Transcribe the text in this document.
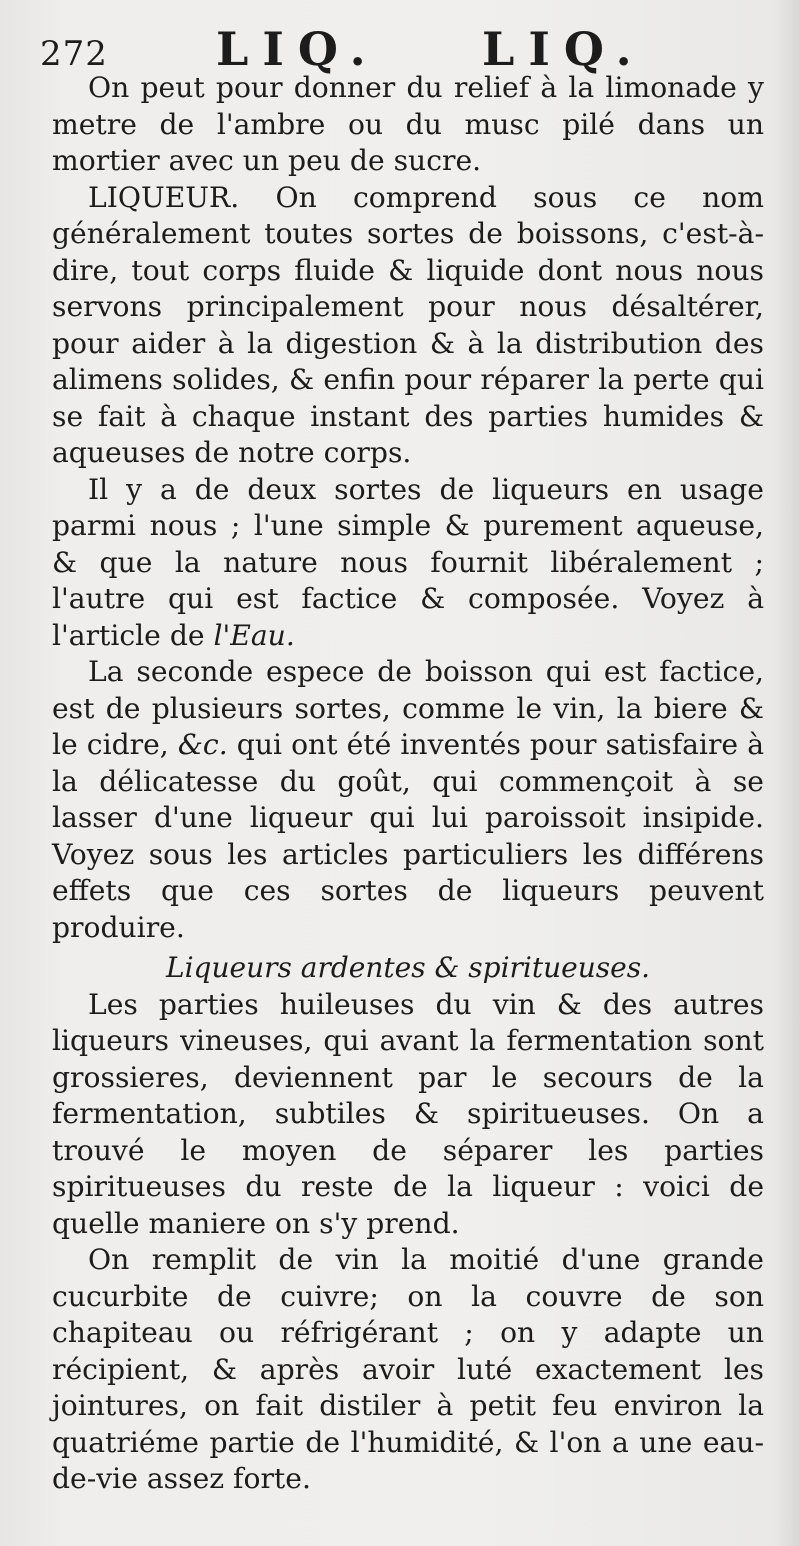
272 LIQ. LIQ.

On peut pour donner du relief à la limonade y metre de l'ambre ou du musc pilé dans un mortier avec un peu de sucre.

LIQUEUR. On comprend sous ce nom généralement toutes sortes de boissons, c'est-à-dire, tout corps fluide & liquide dont nous nous servons principalement pour nous désaltérer, pour aider à la digestion & à la distribution des alimens solides, & enfin pour réparer la perte qui se fait à chaque instant des parties humides & aqueuses de notre corps.

Il y a de deux sortes de liqueurs en usage parmi nous ; l'une simple & purement aqueuse, & que la nature nous fournit libéralement ; l'autre qui est factice & composée. Voyez à l'article de l'Eau.

La seconde espece de boisson qui est factice, est de plusieurs sortes, comme le vin, la biere & le cidre, &c. qui ont été inventés pour satisfaire à la délicatesse du goût, qui commençoit à se lasser d'une liqueur qui lui paroissoit insipide. Voyez sous les articles particuliers les différens effets que ces sortes de liqueurs peuvent produire.

Liqueurs ardentes & spiritueuses.

Les parties huileuses du vin & des autres liqueurs vineuses, qui avant la fermentation sont grossieres, deviennent par le secours de la fermentation, subtiles & spiritueuses. On a trouvé le moyen de séparer les parties spiritueuses du reste de la liqueur : voici de quelle maniere on s'y prend.

On remplit de vin la moitié d'une grande cucurbite de cuivre; on la couvre de son chapiteau ou réfrigérant ; on y adapte un récipient, & après avoir luté exactement les jointures, on fait distiler à petit feu environ la quatriéme partie de l'humidité, & l'on a une eau-de-vie assez forte.
